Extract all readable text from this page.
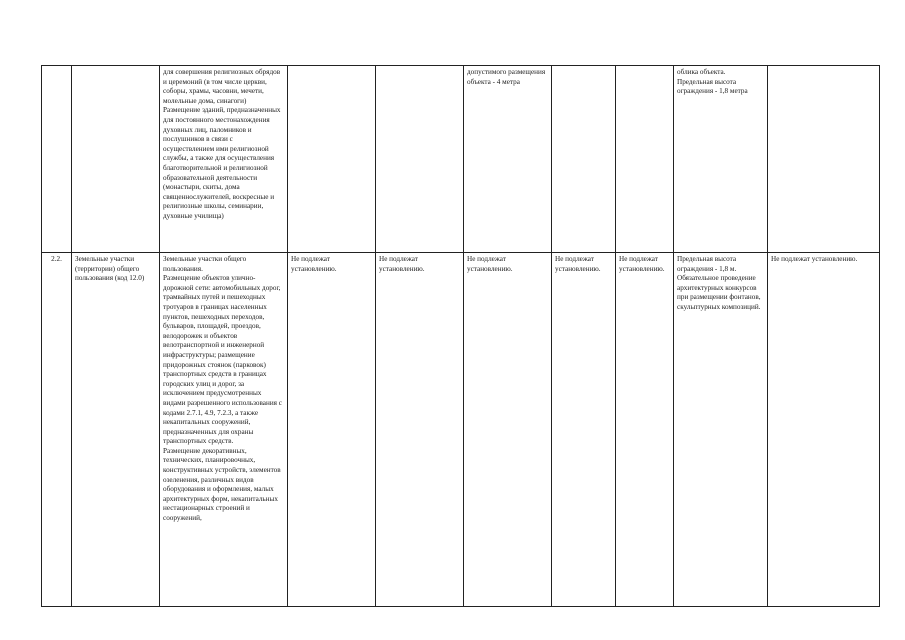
		для совершения религиозных обрядов и церемоний (в том числе церкви, соборы, храмы, часовни, мечети, молельные дома, синагоги)
Размещение зданий, предназначенных для постоянного местонахождения духовных лиц, паломников и послушников в связи с осуществлением ими религиозной службы, а также для осуществления благотворительной и религиозной образовательной деятельности (монастыри, скиты, дома священнослужителей, воскресные и религиозные школы, семинарии, духовные училища)			допустимого размещения объекта - 4 метра			облика объекта.
Предельная высота ограждения - 1,8 метра	
2.2.	Земельные участки (территории) общего пользования (код 12.0)	Земельные участки общего пользования.
Размещение объектов улично-дорожной сети: автомобильных дорог, трамвайных путей и пешеходных тротуаров в границах населенных пунктов, пешеходных переходов, бульваров, площадей, проездов, велодорожек и объектов велотранспортной и инженерной инфраструктуры; размещение придорожных стоянок (парковок) транспортных средств в границах городских улиц и дорог, за исключением предусмотренных видами разрешенного использования с кодами 2.7.1, 4.9, 7.2.3, а также некапитальных сооружений, предназначенных для охраны транспортных средств.
Размещение декоративных, технических, планировочных, конструктивных устройств, элементов озеленения, различных видов оборудования и оформления, малых архитектурных форм, некапитальных нестационарных строений и сооружений,	Не подлежат установлению.	Не подлежат установлению.	Не подлежат установлению.	Не подлежат установлению.	Не подлежат установлению.	Предельная высота ограждения - 1,8 м.
Обязательное проведение архитектурных конкурсов при размещении фонтанов, скульптурных композиций.	Не подлежат установлению.
